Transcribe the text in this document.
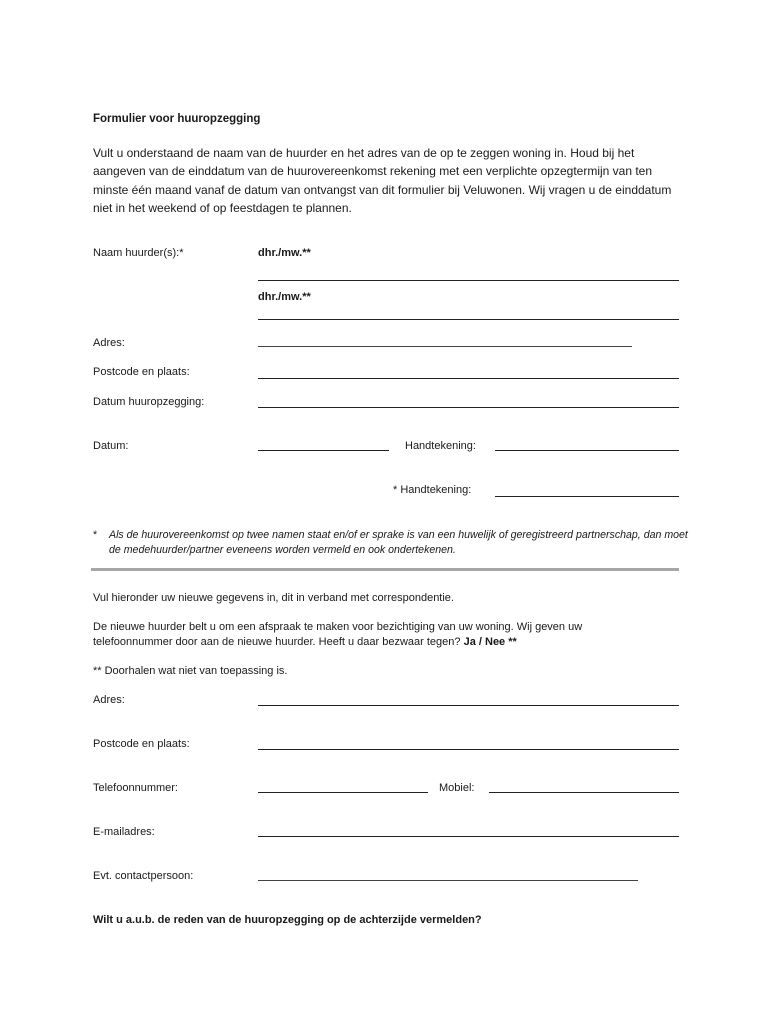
Formulier voor huuropzegging
Vult u onderstaand de naam van de huurder en het adres van de op te zeggen woning in. Houd bij het aangeven van de einddatum van de huurovereenkomst rekening met een verplichte opzegtermijn van ten minste één maand vanaf de datum van ontvangst van dit formulier bij Veluwonen. Wij vragen u de einddatum niet in het weekend of op feestdagen te plannen.
Naam huurder(s):*	dhr./mw.**
dhr./mw.**
Adres:
Postcode en plaats:
Datum huuropzegging:
Datum:	Handtekening:
* Handtekening:
* Als de huurovereenkomst op twee namen staat en/of er sprake is van een huwelijk of geregistreerd partnerschap, dan moet de medehuurder/partner eveneens worden vermeld en ook ondertekenen.
Vul hieronder uw nieuwe gegevens in, dit in verband met correspondentie.
De nieuwe huurder belt u om een afspraak te maken voor bezichtiging van uw woning. Wij geven uw telefoonnummer door aan de nieuwe huurder. Heeft u daar bezwaar tegen? Ja / Nee **
** Doorhalen wat niet van toepassing is.
Adres:
Postcode en plaats:
Telefoonnummer:	Mobiel:
E-mailadres:
Evt. contactpersoon:
Wilt u a.u.b. de reden van de huuropzegging op de achterzijde vermelden?
